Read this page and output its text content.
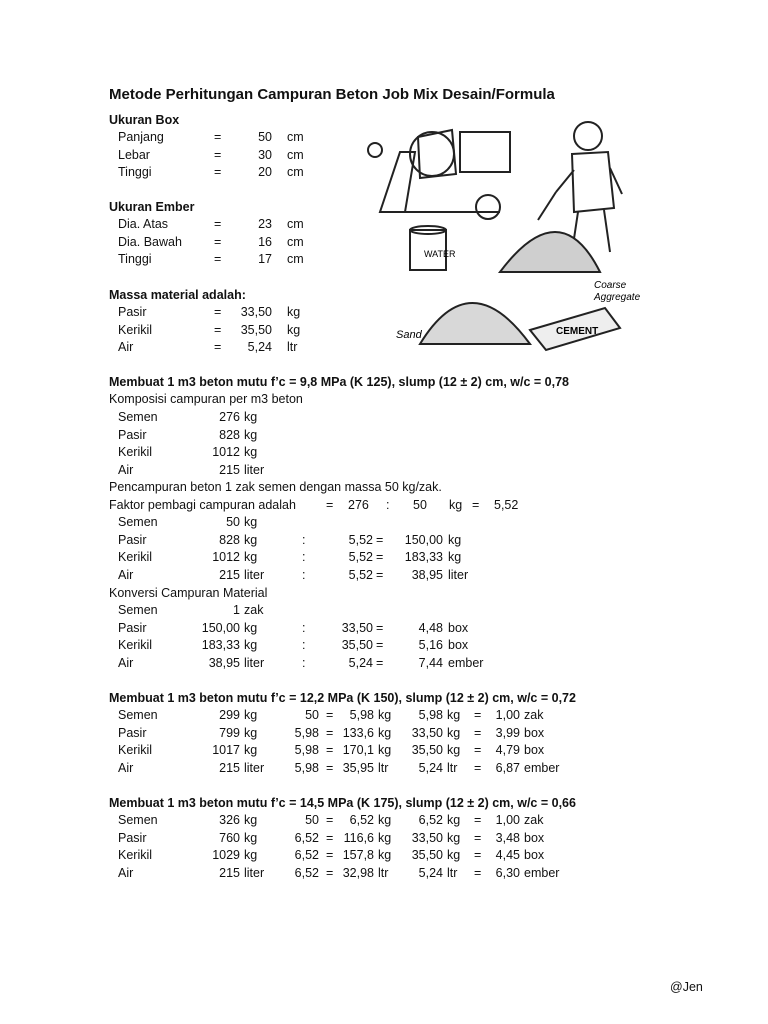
Metode Perhitungan Campuran Beton Job Mix Desain/Formula
Ukuran Box
Panjang	=	50 cm
Lebar	=	30 cm
Tinggi	=	20 cm
Ukuran Ember
Dia. Atas	=	23 cm
Dia. Bawah	=	16 cm
Tinggi	=	17 cm
Massa material adalah:
Pasir	=	33,50 kg
Kerikil	=	35,50 kg
Air	=	5,24 ltr
WATER
Sand
Coarse
Aggregate
CEMENT
Membuat 1 m3 beton mutu f’c = 9,8 MPa (K 125), slump (12 ± 2) cm, w/c = 0,78
Komposisi campuran per m3 beton
Semen	276 kg
Pasir	828 kg
Kerikil	1012 kg
Air	215 liter
Pencampuran beton 1 zak semen dengan massa 50 kg/zak.
Faktor pembagi campuran adalah = 276 : 50 kg = 5,52
Semen	50 kg
Pasir	828 kg	:	5,52 =	150,00 kg
Kerikil	1012 kg	:	5,52 =	183,33 kg
Air	215 liter	:	5,52 =	38,95 liter
Konversi Campuran Material
Semen	1 zak
Pasir	150,00 kg	:	33,50 =	4,48 box
Kerikil	183,33 kg	:	35,50 =	5,16 box
Air	38,95 liter	:	5,24 =	7,44 ember
Membuat 1 m3 beton mutu f’c = 12,2 MPa (K 150), slump (12 ± 2) cm, w/c = 0,72
Semen	299 kg	50 =	5,98 kg	5,98 kg =	1,00 zak
Pasir	799 kg	5,98 = 133,6 kg	33,50 kg =	3,99 box
Kerikil	1017 kg	5,98 = 170,1 kg	35,50 kg =	4,79 box
Air	215 liter	5,98 = 35,95 ltr	5,24 ltr =	6,87 ember
Membuat 1 m3 beton mutu f’c = 14,5 MPa (K 175), slump (12 ± 2) cm, w/c = 0,66
Semen	326 kg	50 =	6,52 kg	6,52 kg =	1,00 zak
Pasir	760 kg	6,52 = 116,6 kg	33,50 kg =	3,48 box
Kerikil	1029 kg	6,52 = 157,8 kg	35,50 kg =	4,45 box
Air	215 liter	6,52 = 32,98 ltr	5,24 ltr =	6,30 ember
@Jen
